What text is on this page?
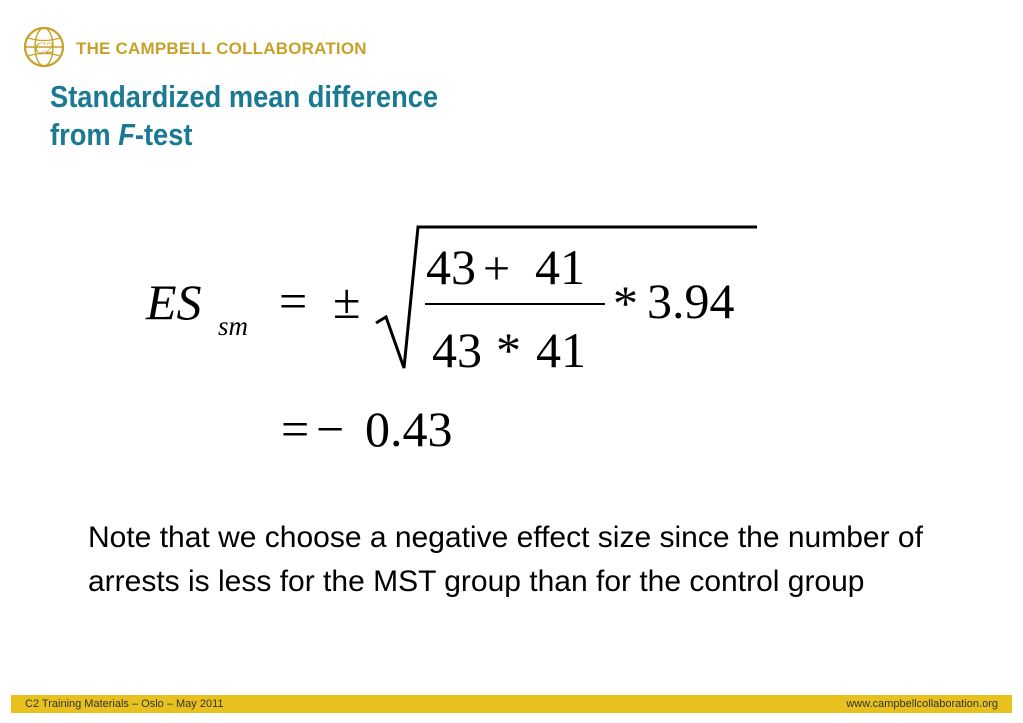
C2 THE CAMPBELL COLLABORATION
Standardized mean difference
from F-test
ES sm = ±
43 + 41
43 * 41
* 3.94
= − 0.43
Note that we choose a negative effect size since the number of arrests is less for the MST group than for the control group
C2 Training Materials – Oslo – May 2011	www.campbellcollaboration.org
